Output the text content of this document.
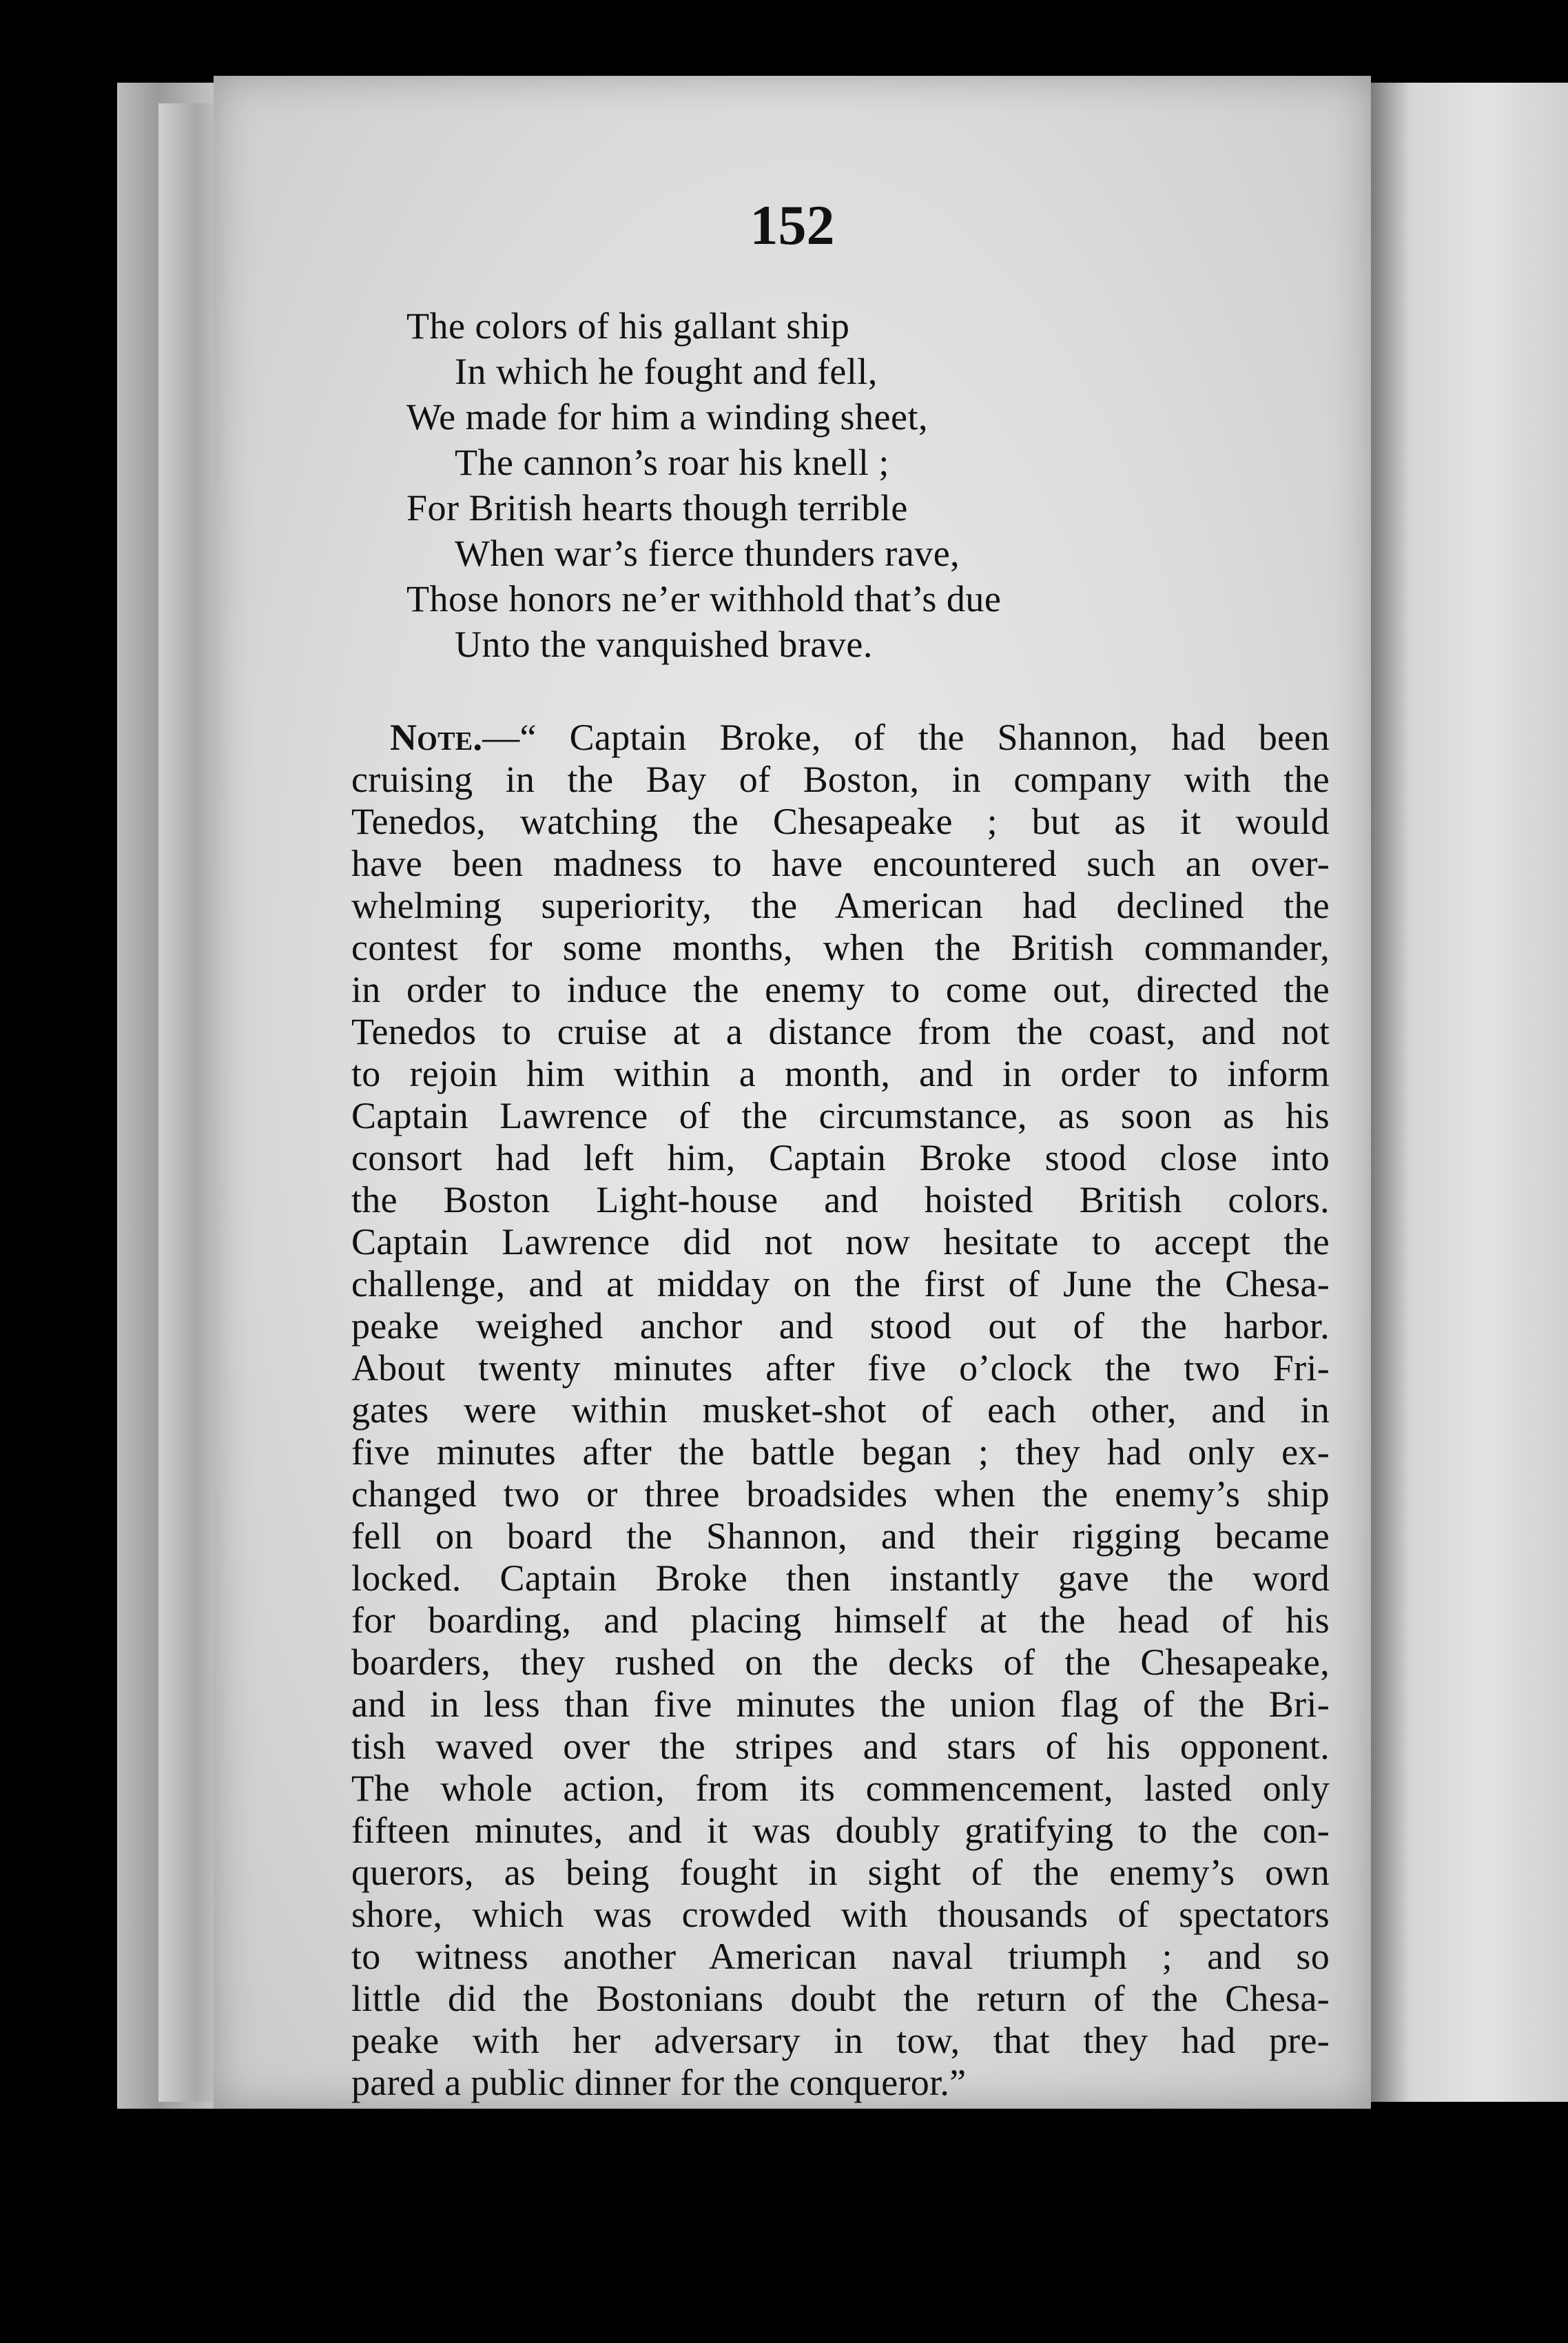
152
The colors of his gallant ship
In which he fought and fell,
We made for him a winding sheet,
The cannon’s roar his knell ;
For British hearts though terrible
When war’s fierce thunders rave,
Those honors ne’er withhold that’s due
Unto the vanquished brave.
Note.—“ Captain Broke, of the Shannon, had been
cruising in the Bay of Boston, in company with the
Tenedos, watching the Chesapeake ; but as it would
have been madness to have encountered such an over-
whelming superiority, the American had declined the
contest for some months, when the British commander,
in order to induce the enemy to come out, directed the
Tenedos to cruise at a distance from the coast, and not
to rejoin him within a month, and in order to inform
Captain Lawrence of the circumstance, as soon as his
consort had left him, Captain Broke stood close into
the Boston Light-house and hoisted British colors.
Captain Lawrence did not now hesitate to accept the
challenge, and at midday on the first of June the Chesa-
peake weighed anchor and stood out of the harbor.
About twenty minutes after five o’clock the two Fri-
gates were within musket-shot of each other, and in
five minutes after the battle began ; they had only ex-
changed two or three broadsides when the enemy’s ship
fell on board the Shannon, and their rigging became
locked. Captain Broke then instantly gave the word
for boarding, and placing himself at the head of his
boarders, they rushed on the decks of the Chesapeake,
and in less than five minutes the union flag of the Bri-
tish waved over the stripes and stars of his opponent.
The whole action, from its commencement, lasted only
fifteen minutes, and it was doubly gratifying to the con-
querors, as being fought in sight of the enemy’s own
shore, which was crowded with thousands of spectators
to witness another American naval triumph ; and so
little did the Bostonians doubt the return of the Chesa-
peake with her adversary in tow, that they had pre-
pared a public dinner for the conqueror.”
